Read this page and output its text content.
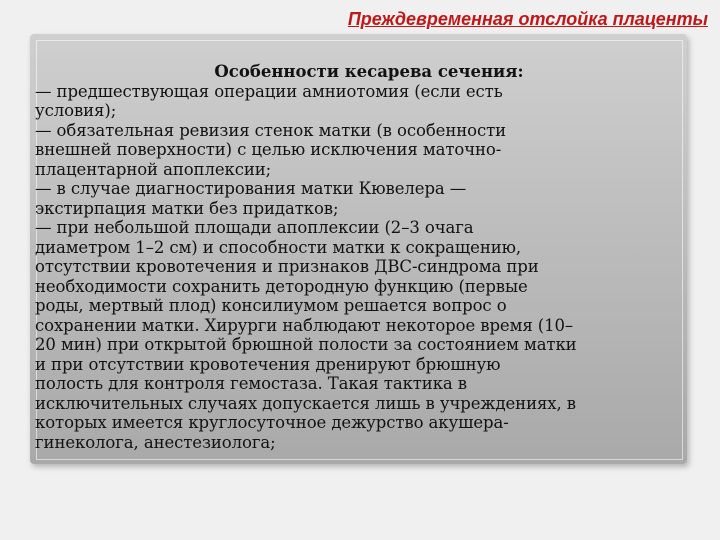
Преждевременная отслойка плаценты

Особенности кесарева сечения:

— предшествующая операции амниотомия (если есть

условия);

— обязательная ревизия стенок матки (в особенности

внешней поверхности) с целью исключения маточно-

плацентарной апоплексии;

— в случае диагностирования матки Кювелера —

экстирпация матки без придатков;

— при небольшой площади апоплексии (2–3 очага

диаметром 1–2 см) и способности матки к сокращению,

отсутствии кровотечения и признаков ДВС-синдрома при

необходимости сохранить детородную функцию (первые

роды, мертвый плод) консилиумом решается вопрос о

сохранении матки. Хирурги наблюдают некоторое время (10–

20 мин) при открытой брюшной полости за состоянием матки

и при отсутствии кровотечения дренируют брюшную

полость для контроля гемостаза. Такая тактика в

исключительных случаях допускается лишь в учреждениях, в

которых имеется круглосуточное дежурство акушера-

гинеколога, анестезиолога;
